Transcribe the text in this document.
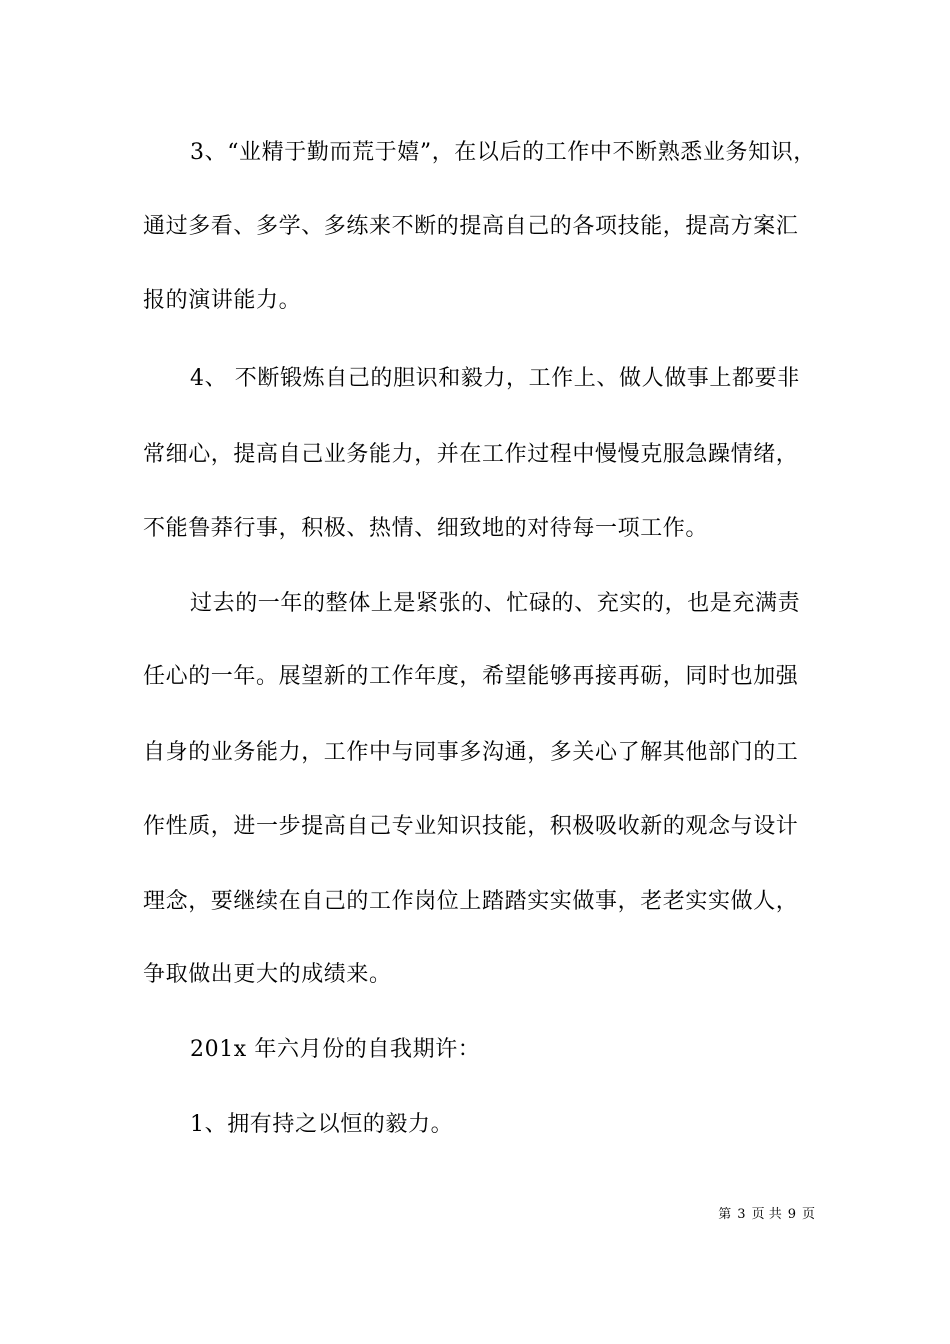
3、“业精于勤而荒于嬉”，在以后的工作中不断熟悉业务知识，
通过多看、多学、多练来不断的提高自己的各项技能，提高方案汇
报的演讲能力。
4、 不断锻炼自己的胆识和毅力，工作上、做人做事上都要非
常细心，提高自己业务能力，并在工作过程中慢慢克服急躁情绪，
不能鲁莽行事，积极、热情、细致地的对待每一项工作。
过去的一年的整体上是紧张的、忙碌的、充实的，也是充满责
任心的一年。展望新的工作年度，希望能够再接再砺，同时也加强
自身的业务能力，工作中与同事多沟通，多关心了解其他部门的工
作性质，进一步提高自己专业知识技能，积极吸收新的观念与设计
理念，要继续在自己的工作岗位上踏踏实实做事，老老实实做人，
争取做出更大的成绩来。
201x 年六月份的自我期许：
1、拥有持之以恒的毅力。
第 3 页 共 9 页
